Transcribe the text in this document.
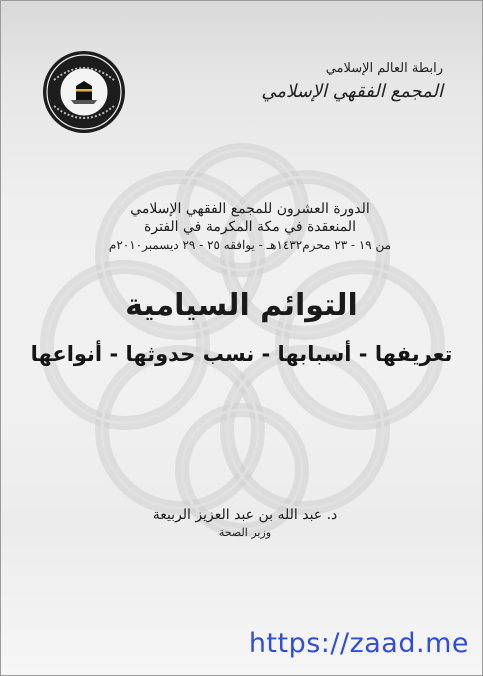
رابطة العالم الإسلامي
المجمع الفقهي الإسلامي
الدورة العشرون للمجمع الفقهي الإسلامي
المنعقدة في مكة المكرمة في الفترة
من ١٩ - ٢٣ محرم١٤٣٢هـ - يوافقه ٢٥ - ٢٩ ديسمبر٢٠١٠م
التوائم السيامية
تعريفها - أسبابها - نسب حدوثها - أنواعها
د. عبد الله بن عبد العزيز الربيعة
وزير الصحة
https://zaad.me
